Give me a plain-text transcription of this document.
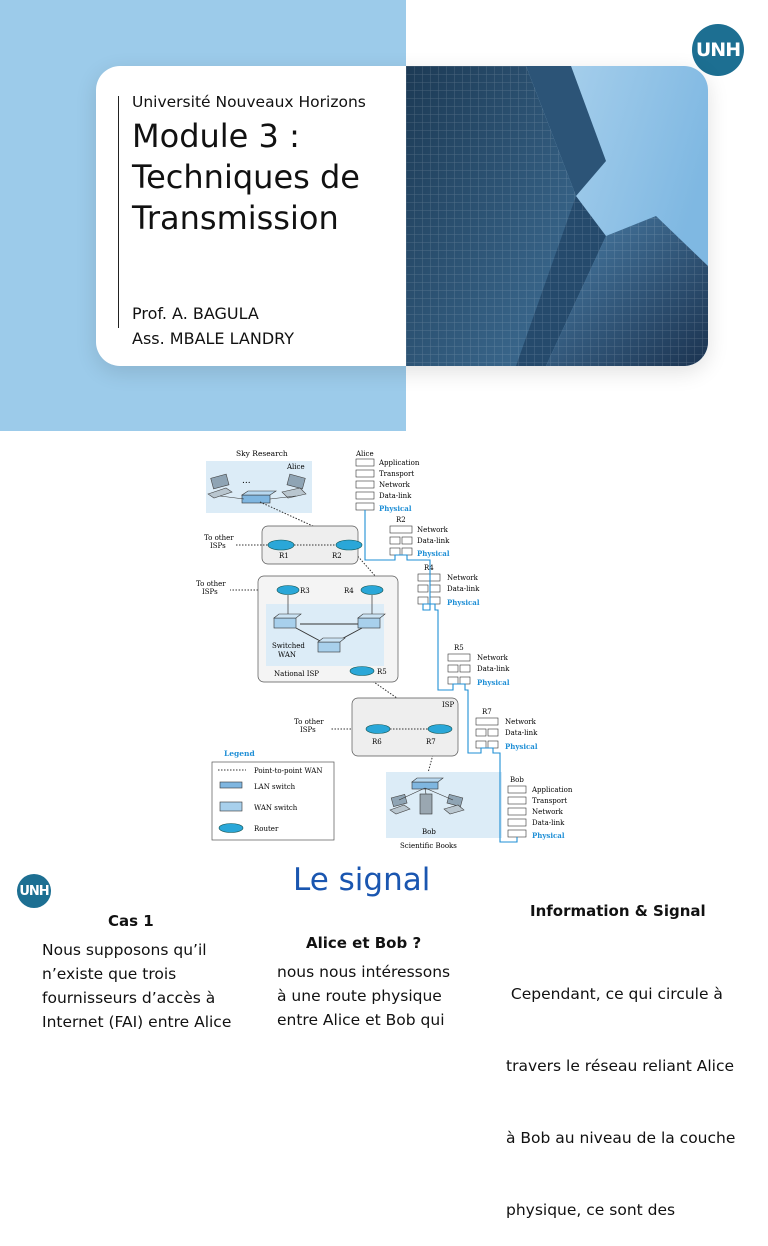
UNH
Université Nouveaux Horizons
Module 3 :
Techniques de
Transmission
Prof. A. BAGULA
Ass. MBALE LANDRY
Sky Research
Alice
...
To other
ISPs
R1	R2
To other
ISPs	R3	R4
Switched
WAN
National ISP	R5
ISP
To other
ISPs
R6	R7
Bob
Scientific Books
Legend
Point-to-point WAN
LAN switch
WAN switch
Router
Alice
Application
Transport
Network
Data-link
Physical
R2
Network
Data-link
Physical
R4
Network
Data-link
Physical
R5
Network
Data-link
Physical
R7
Network
Data-link
Physical
Bob
Application
Transport
Network
Data-link
Physical
UNH	Le signal
Cas 1
Nous supposons qu’il
n’existe que trois
fournisseurs d’accès à
Internet (FAI) entre Alice
Alice et Bob ?
nous nous intéressons
à une route physique
entre Alice et Bob qui
Information & Signal

Cependant, ce qui circule à

travers le réseau reliant Alice

à Bob au niveau de la couche

physique, ce sont des
